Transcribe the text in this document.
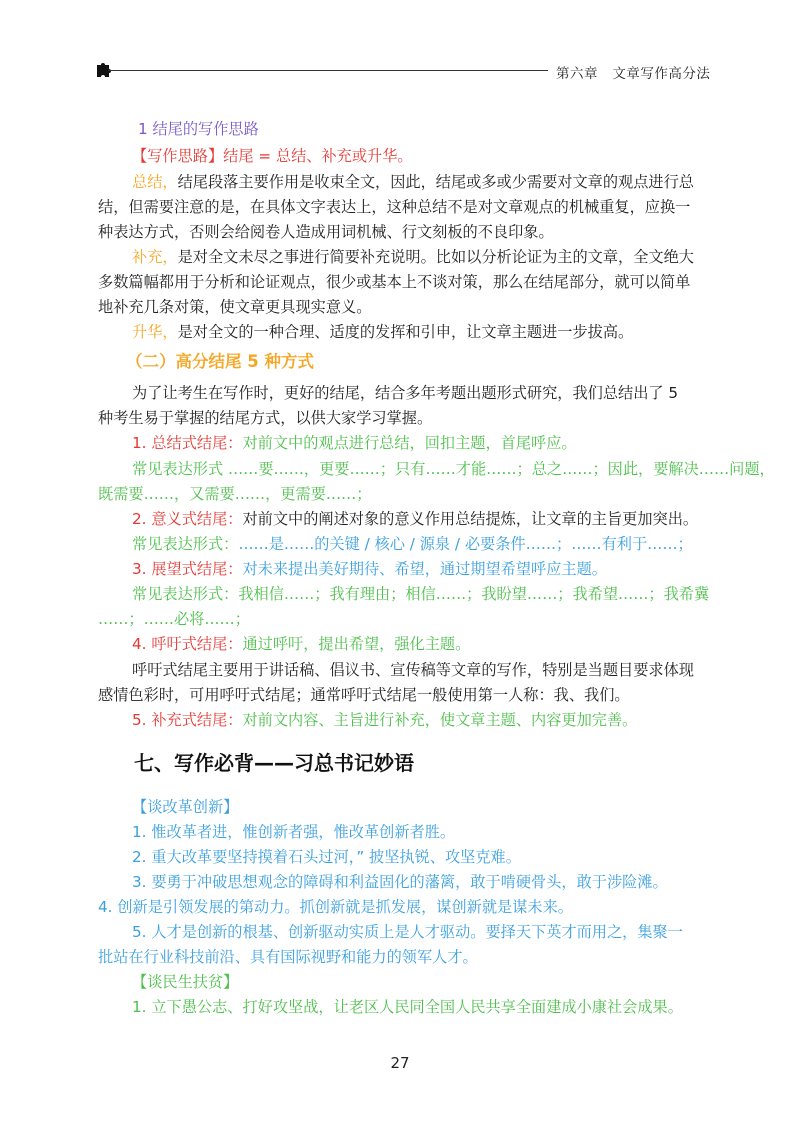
第六章 文章写作高分法
1 结尾的写作思路
【写作思路】结尾 = 总结、补充或升华。
总结，结尾段落主要作用是收束全文，因此，结尾或多或少需要对文章的观点进行总
结，但需要注意的是，在具体文字表达上，这种总结不是对文章观点的机械重复，应换一
种表达方式，否则会给阅卷人造成用词机械、行文刻板的不良印象。
补充，是对全文未尽之事进行简要补充说明。比如以分析论证为主的文章，全文绝大
多数篇幅都用于分析和论证观点，很少或基本上不谈对策，那么在结尾部分，就可以简单
地补充几条对策，使文章更具现实意义。
升华，是对全文的一种合理、适度的发挥和引申，让文章主题进一步拔高。
（二）高分结尾 5 种方式
为了让考生在写作时，更好的结尾，结合多年考题出题形式研究，我们总结出了 5
种考生易于掌握的结尾方式，以供大家学习掌握。
1. 总结式结尾：对前文中的观点进行总结，回扣主题，首尾呼应。
常见表达形式 ……要……，更要……；只有……才能……；总之……；因此，要解决……问题，
既需要……，又需要……，更需要……；
2. 意义式结尾：对前文中的阐述对象的意义作用总结提炼，让文章的主旨更加突出。
常见表达形式：……是……的关键 / 核心 / 源泉 / 必要条件……；……有利于……；
3. 展望式结尾：对未来提出美好期待、希望，通过期望希望呼应主题。
常见表达形式：我相信……；我有理由；相信……；我盼望……；我希望……；我希冀
……；……必将……；
4. 呼吁式结尾：通过呼吁，提出希望，强化主题。
呼吁式结尾主要用于讲话稿、倡议书、宣传稿等文章的写作，特别是当题目要求体现
感情色彩时，可用呼吁式结尾；通常呼吁式结尾一般使用第一人称：我、我们。
5. 补充式结尾：对前文内容、主旨进行补充，使文章主题、内容更加完善。
七、写作必背——习总书记妙语
【谈改革创新】
1. 惟改革者进，惟创新者强，惟改革创新者胜。
2. 重大改革要坚持摸着石头过河，” 披坚执锐、攻坚克难。
3. 要勇于冲破思想观念的障碍和利益固化的藩篱，敢于啃硬骨头，敢于涉险滩。
4. 创新是引领发展的第动力。抓创新就是抓发展，谋创新就是谋未来。
5. 人才是创新的根基、创新驱动实质上是人才驱动。要择天下英才而用之，集聚一
批站在行业科技前沿、具有国际视野和能力的领军人才。
【谈民生扶贫】
1. 立下愚公志、打好攻坚战，让老区人民同全国人民共享全面建成小康社会成果。
27
